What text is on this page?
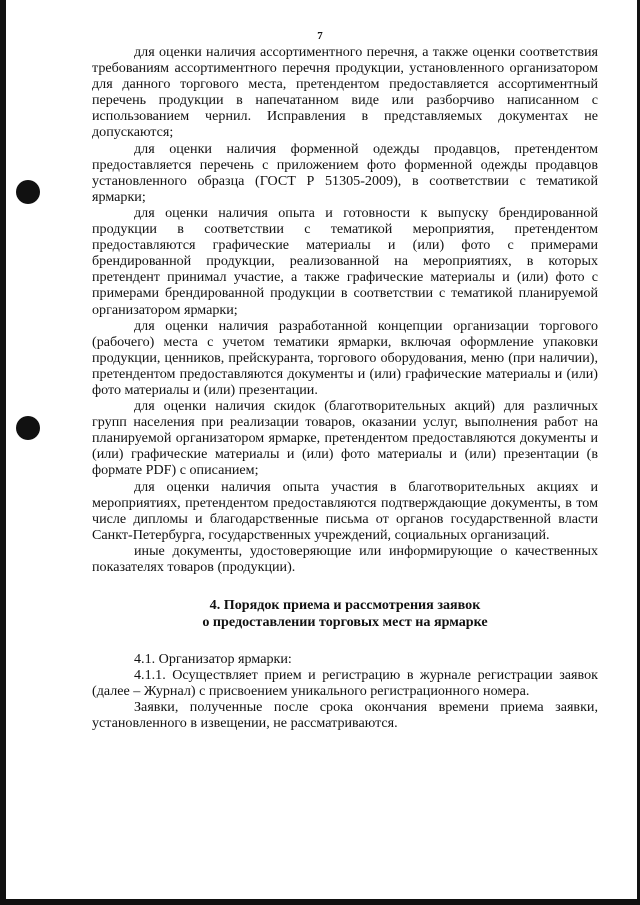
7

для оценки наличия ассортиментного перечня, а также оценки соответствия требованиям ассортиментного перечня продукции, установленного организатором для данного торгового места, претендентом предоставляется ассортиментный перечень продукции в напечатанном виде или разборчиво написанном с использованием чернил. Исправления в представляемых документах не допускаются;

для оценки наличия форменной одежды продавцов, претендентом предоставляется перечень с приложением фото форменной одежды продавцов установленного образца (ГОСТ Р 51305-2009), в соответствии с тематикой ярмарки;

для оценки наличия опыта и готовности к выпуску брендированной продукции в соответствии с тематикой мероприятия, претендентом предоставляются графические материалы и (или) фото с примерами брендированной продукции, реализованной на мероприятиях, в которых претендент принимал участие, а также графические материалы и (или) фото с примерами брендированной продукции в соответствии с тематикой планируемой организатором ярмарки;

для оценки наличия разработанной концепции организации торгового (рабочего) места с учетом тематики ярмарки, включая оформление упаковки продукции, ценников, прейскуранта, торгового оборудования, меню (при наличии), претендентом предоставляются документы и (или) графические материалы и (или) фото материалы и (или) презентации.

для оценки наличия скидок (благотворительных акций) для различных групп населения при реализации товаров, оказании услуг, выполнения работ на планируемой организатором ярмарке, претендентом предоставляются документы и (или) графические материалы и (или) фото материалы и (или) презентации (в формате PDF) с описанием;

для оценки наличия опыта участия в благотворительных акциях и мероприятиях, претендентом предоставляются подтверждающие документы, в том числе дипломы и благодарственные письма от органов государственной власти Санкт-Петербурга, государственных учреждений, социальных организаций.

иные документы, удостоверяющие или информирующие о качественных показателях товаров (продукции).

4. Порядок приема и рассмотрения заявок
о предоставлении торговых мест на ярмарке

4.1. Организатор ярмарки:

4.1.1. Осуществляет прием и регистрацию в журнале регистрации заявок (далее – Журнал) с присвоением уникального регистрационного номера.

Заявки, полученные после срока окончания времени приема заявки, установленного в извещении, не рассматриваются.
